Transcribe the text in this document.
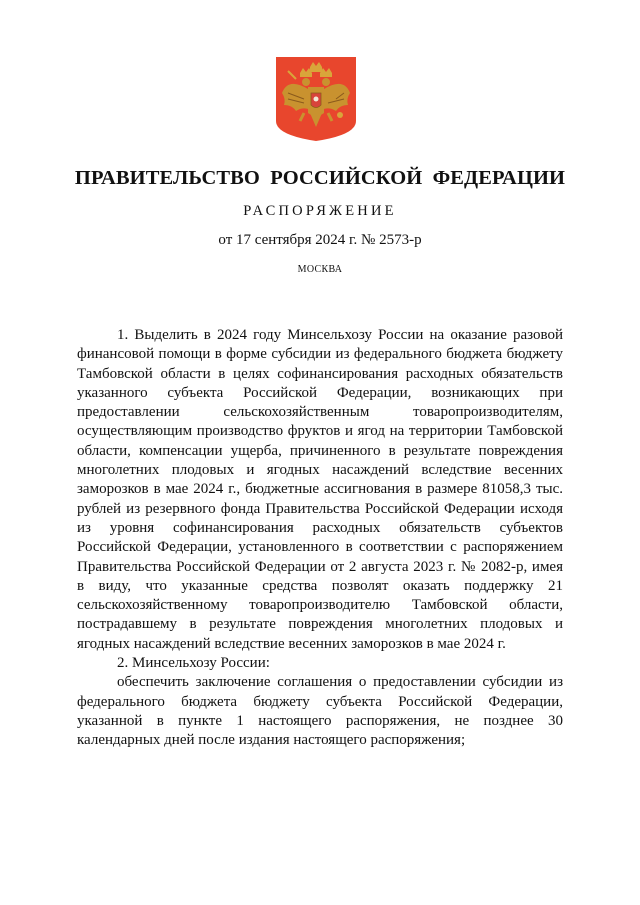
ПРАВИТЕЛЬСТВО РОССИЙСКОЙ ФЕДЕРАЦИИ
РАСПОРЯЖЕНИЕ
от 17 сентября 2024 г. № 2573-р
МОСКВА

1. Выделить в 2024 году Минсельхозу России на оказание разовой финансовой помощи в форме субсидии из федерального бюджета бюджету Тамбовской области в целях софинансирования расходных обязательств указанного субъекта Российской Федерации, возникающих при предоставлении сельскохозяйственным товаропроизводителям, осуществляющим производство фруктов и ягод на территории Тамбовской области, компенсации ущерба, причиненного в результате повреждения многолетних плодовых и ягодных насаждений вследствие весенних заморозков в мае 2024 г., бюджетные ассигнования в размере 81058,3 тыс. рублей из резервного фонда Правительства Российской Федерации исходя из уровня софинансирования расходных обязательств субъектов Российской Федерации, установленного в соответствии с распоряжением Правительства Российской Федерации от 2 августа 2023 г. № 2082-р, имея в виду, что указанные средства позволят оказать поддержку 21 сельскохозяйственному товаропроизводителю Тамбовской области, пострадавшему в результате повреждения многолетних плодовых и ягодных насаждений вследствие весенних заморозков в мае 2024 г.

2. Минсельхозу России:

обеспечить заключение соглашения о предоставлении субсидии из федерального бюджета бюджету субъекта Российской Федерации, указанной в пункте 1 настоящего распоряжения, не позднее 30 календарных дней после издания настоящего распоряжения;
